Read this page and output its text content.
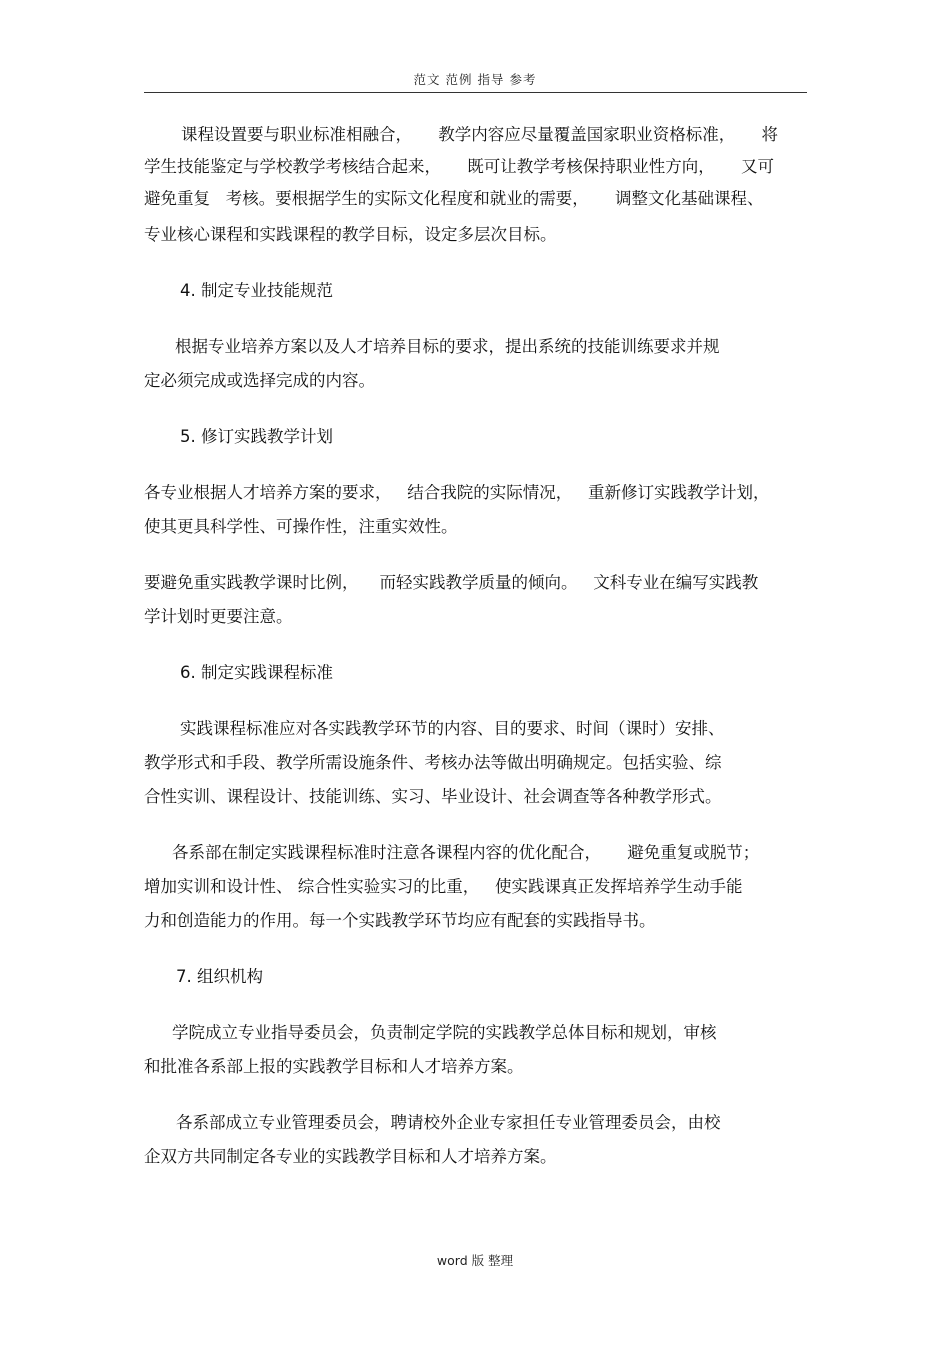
范文 范例 指导 参考
课程设置要与职业标准相融合，     教学内容应尽量覆盖国家职业资格标准，     将
学生技能鉴定与学校教学考核结合起来，     既可让教学考核保持职业性方向，     又可
避免重复   考核。要根据学生的实际文化程度和就业的需要，     调整文化基础课程、
专业核心课程和实践课程的教学目标，设定多层次目标。
4. 制定专业技能规范
根据专业培养方案以及人才培养目标的要求，提出系统的技能训练要求并规
定必须完成或选择完成的内容。
5. 修订实践教学计划
各专业根据人才培养方案的要求，   结合我院的实际情况，   重新修订实践教学计划，
使其更具科学性、可操作性，注重实效性。
要避免重实践教学课时比例，    而轻实践教学质量的倾向。   文科专业在编写实践教
学计划时更要注意。
6. 制定实践课程标准
实践课程标准应对各实践教学环节的内容、目的要求、时间（课时）安排、
教学形式和手段、教学所需设施条件、考核办法等做出明确规定。包括实验、综
合性实训、课程设计、技能训练、实习、毕业设计、社会调查等各种教学形式。
各系部在制定实践课程标准时注意各课程内容的优化配合，     避免重复或脱节；
增加实训和设计性、 综合性实验实习的比重，   使实践课真正发挥培养学生动手能
力和创造能力的作用。每一个实践教学环节均应有配套的实践指导书。
7. 组织机构
学院成立专业指导委员会，负责制定学院的实践教学总体目标和规划，审核
和批准各系部上报的实践教学目标和人才培养方案。
各系部成立专业管理委员会，聘请校外企业专家担任专业管理委员会，由校
企双方共同制定各专业的实践教学目标和人才培养方案。
word 版 整理
